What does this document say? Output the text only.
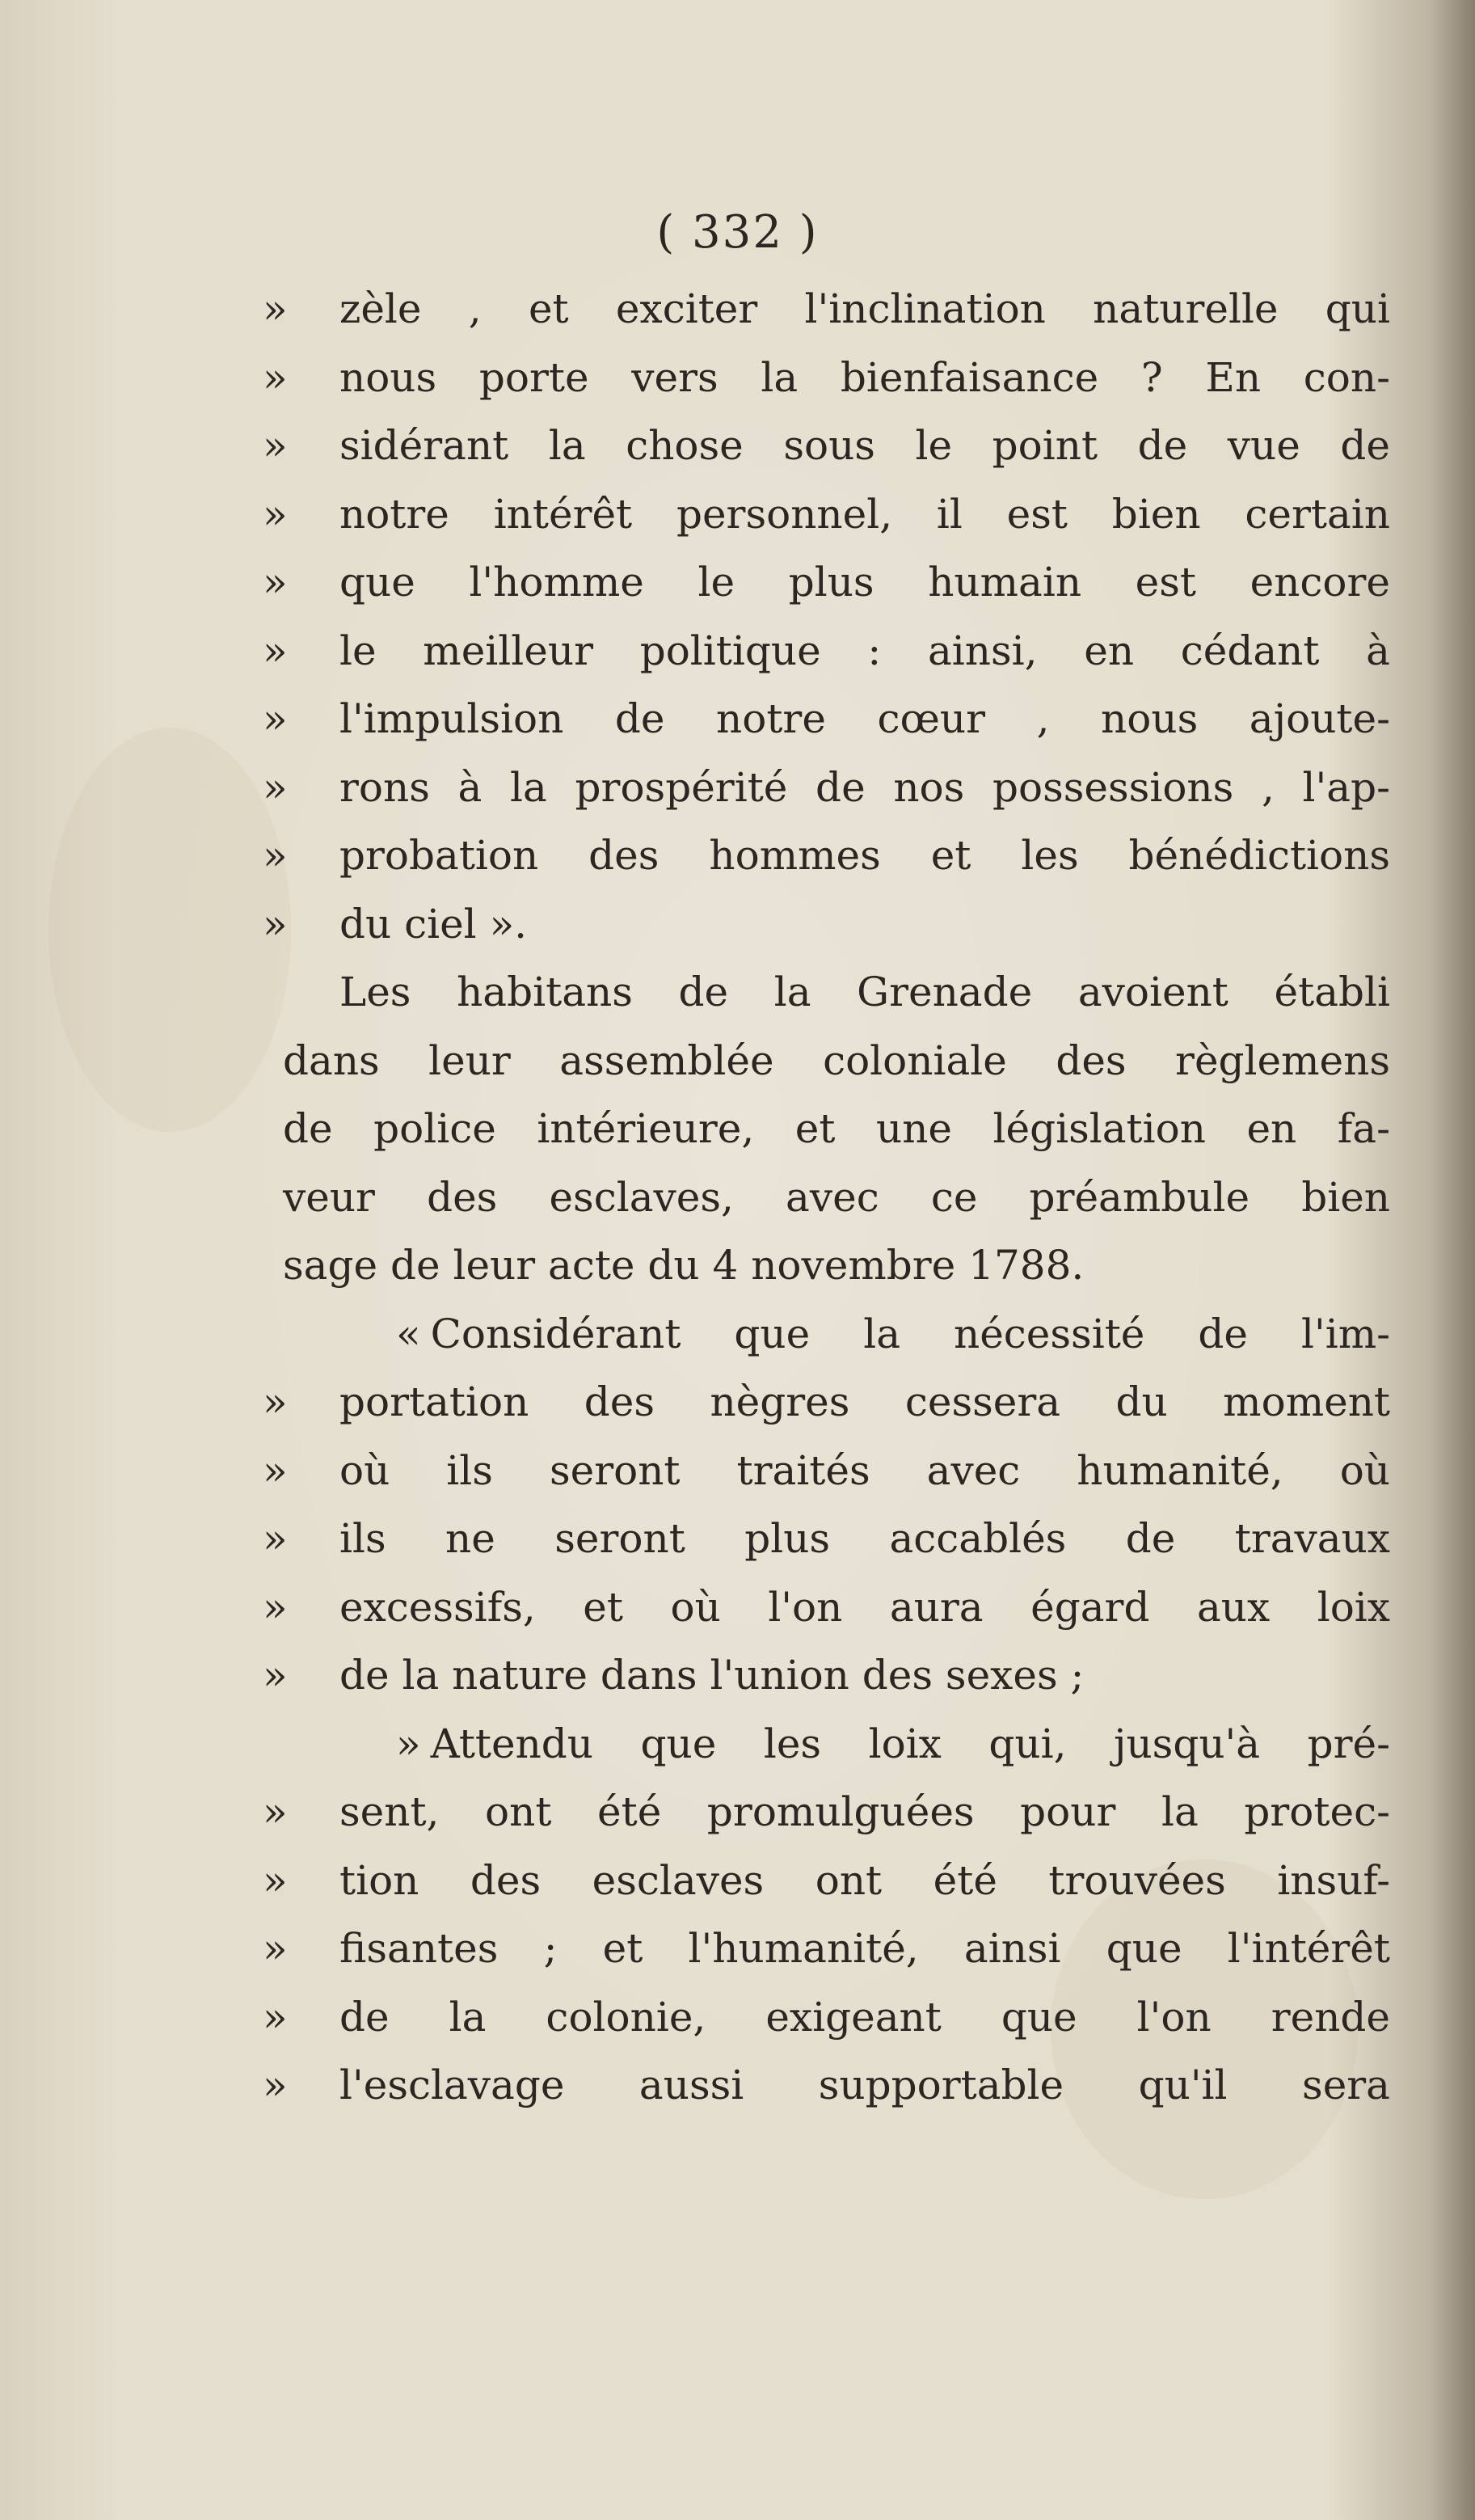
( 332 )
» zèle , et exciter l'inclination naturelle qui
» nous porte vers la bienfaisance ? En con-
» sidérant la chose sous le point de vue de
» notre intérêt personnel, il est bien certain
» que l'homme le plus humain est encore
» le meilleur politique : ainsi, en cédant à
» l'impulsion de notre cœur , nous ajoute-
» rons à la prospérité de nos possessions , l'ap-
» probation des hommes et les bénédictions
» du ciel ».
Les habitans de la Grenade avoient établi
dans leur assemblée coloniale des règlemens
de police intérieure, et une législation en fa-
veur des esclaves, avec ce préambule bien
sage de leur acte du 4 novembre 1788.
« Considérant que la nécessité de l'im-
» portation des nègres cessera du moment
» où ils seront traités avec humanité, où
» ils ne seront plus accablés de travaux
» excessifs, et où l'on aura égard aux loix
» de la nature dans l'union des sexes ;
» Attendu que les loix qui, jusqu'à pré-
» sent, ont été promulguées pour la protec-
» tion des esclaves ont été trouvées insuf-
» fisantes ; et l'humanité, ainsi que l'intérêt
» de la colonie, exigeant que l'on rende
» l'esclavage aussi supportable qu'il sera
